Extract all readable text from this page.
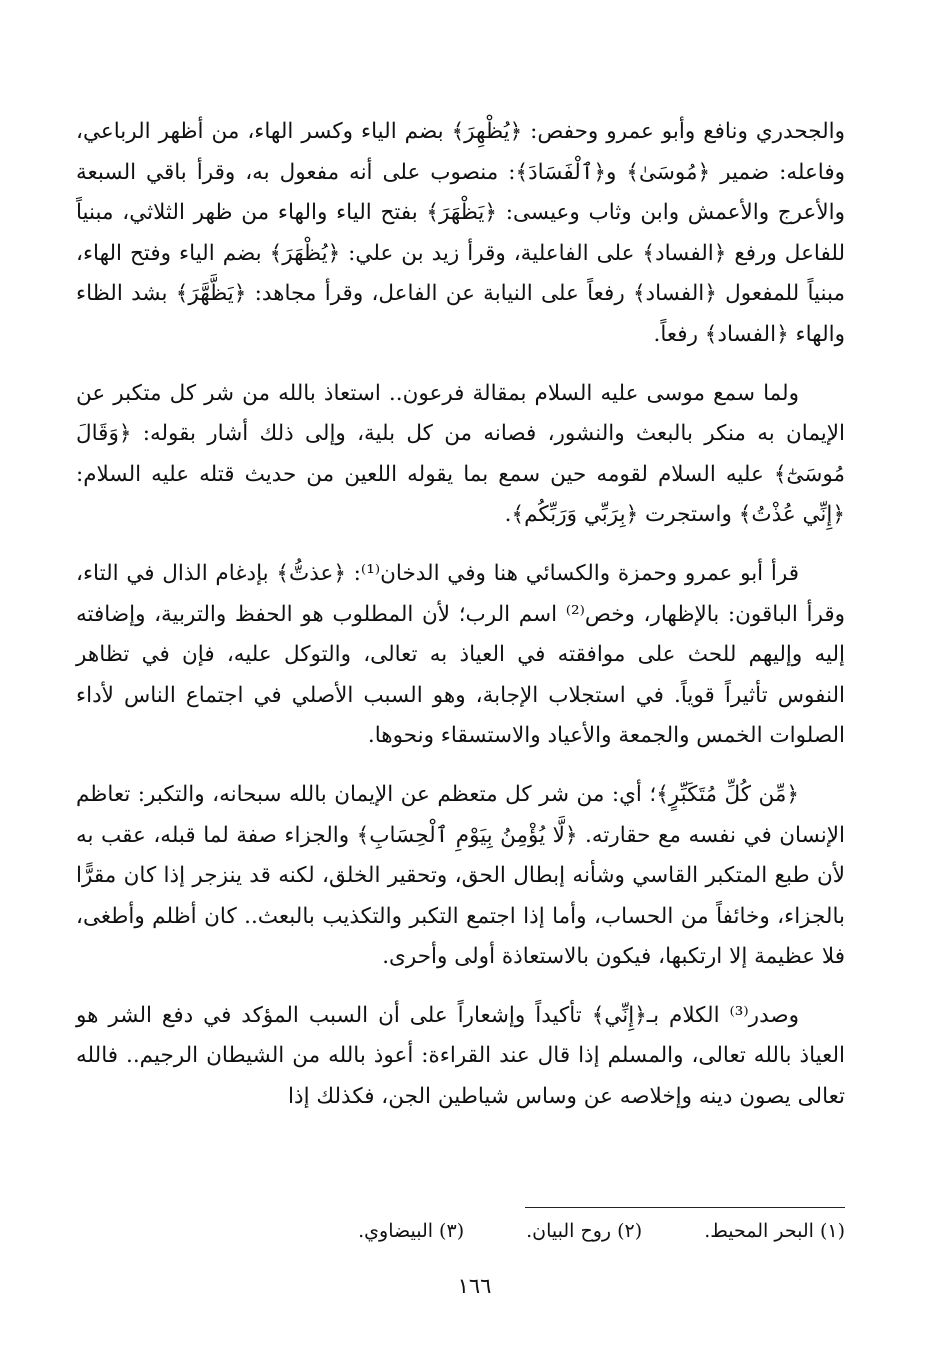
والجحدري ونافع وأبو عمرو وحفص: ﴿يُظْهِرَ﴾ بضم الياء وكسر الهاء، من أظهر الرباعي، وفاعله: ضمير ﴿مُوسَىٰ﴾ و﴿ٱلْفَسَادَ﴾: منصوب على أنه مفعول به، وقرأ باقي السبعة والأعرج والأعمش وابن وثاب وعيسى: ﴿يَظْهَرَ﴾ بفتح الياء والهاء من ظهر الثلاثي، مبنياً للفاعل ورفع ﴿الفساد﴾ على الفاعلية، وقرأ زيد بن علي: ﴿يُظْهَرَ﴾ بضم الياء وفتح الهاء، مبنياً للمفعول ﴿الفساد﴾ رفعاً على النيابة عن الفاعل، وقرأ مجاهد: ﴿يَظَّهَّرَ﴾ بشد الظاء والهاء ﴿الفساد﴾ رفعاً.

ولما سمع موسى عليه السلام بمقالة فرعون.. استعاذ بالله من شر كل متكبر عن الإيمان به منكر بالبعث والنشور، فصانه من كل بلية، وإلى ذلك أشار بقوله: ﴿وَقَالَ مُوسَىٰٓ﴾ عليه السلام لقومه حين سمع بما يقوله اللعين من حديث قتله عليه السلام: ﴿إِنِّي عُذْتُ﴾ واستجرت ﴿بِرَبِّي وَرَبِّكُم﴾.

قرأ أبو عمرو وحمزة والكسائي هنا وفي الدخان⁽¹⁾: ﴿عذتُّ﴾ بإدغام الذال في التاء، وقرأ الباقون: بالإظهار، وخص⁽²⁾ اسم الرب؛ لأن المطلوب هو الحفظ والتربية، وإضافته إليه وإليهم للحث على موافقته في العياذ به تعالى، والتوكل عليه، فإن في تظاهر النفوس تأثيراً قوياً. في استجلاب الإجابة، وهو السبب الأصلي في اجتماع الناس لأداء الصلوات الخمس والجمعة والأعياد والاستسقاء ونحوها.

﴿مِّن كُلِّ مُتَكَبِّرٍ﴾؛ أي: من شر كل متعظم عن الإيمان بالله سبحانه، والتكبر: تعاظم الإنسان في نفسه مع حقارته. ﴿لَّا يُؤْمِنُ بِيَوْمِ ٱلْحِسَابِ﴾ والجزاء صفة لما قبله، عقب به لأن طبع المتكبر القاسي وشأنه إبطال الحق، وتحقير الخلق، لكنه قد ينزجر إذا كان مقرًّا بالجزاء، وخائفاً من الحساب، وأما إذا اجتمع التكبر والتكذيب بالبعث.. كان أظلم وأطغى، فلا عظيمة إلا ارتكبها، فيكون بالاستعاذة أولى وأحرى.

وصدر⁽³⁾ الكلام بـ﴿إِنِّي﴾ تأكيداً وإشعاراً على أن السبب المؤكد في دفع الشر هو العياذ بالله تعالى، والمسلم إذا قال عند القراءة: أعوذ بالله من الشيطان الرجيم.. فالله تعالى يصون دينه وإخلاصه عن وساس شياطين الجن، فكذلك إذا

(١) البحر المحيط.
(٢) روح البيان.
(٣) البيضاوي.
١٦٦
